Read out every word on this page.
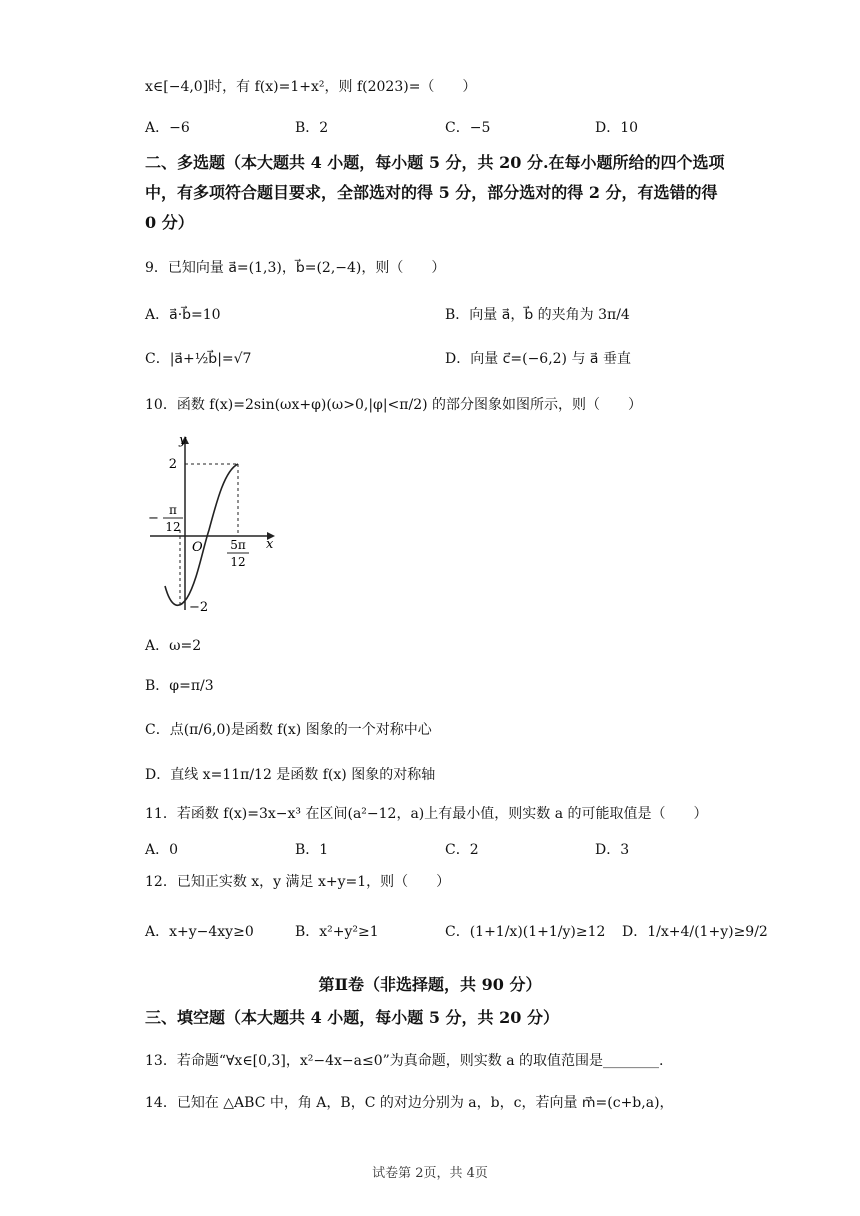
x∈[−4,0]时，有 f(x)=1+x²，则 f(2023)=（　　）
A．−6	B．2	C．−5	D．10
二、多选题（本大题共 4 小题，每小题 5 分，共 20 分.在每小题所给的四个选项中，有多项符合题目要求，全部选对的得 5 分，部分选对的得 2 分，有选错的得 0 分）
9．已知向量 a⃗=(1,3)，b⃗=(2,−4)，则（　　）
A．a⃗·b⃗=10	B．向量 a⃗，b⃗ 的夹角为 3π/4
C．|a⃗+½b⃗|=√7	D．向量 c⃗=(−6,2) 与 a⃗ 垂直
10．函数 f(x)=2sin(ωx+φ)(ω>0,|φ|<π/2) 的部分图象如图所示，则（　　）
y
x
O
2
−2
−
π
12
5π
12
A．ω=2
B．φ=π/3
C．点(π/6,0)是函数 f(x) 图象的一个对称中心
D．直线 x=11π/12 是函数 f(x) 图象的对称轴
11．若函数 f(x)=3x−x³ 在区间(a²−12，a)上有最小值，则实数 a 的可能取值是（　　）
A．0	B．1	C．2	D．3
12．已知正实数 x，y 满足 x+y=1，则（　　）
A．x+y−4xy≥0	B．x²+y²≥1	C．(1+1/x)(1+1/y)≥12 D．1/x+4/(1+y)≥9/2
第Ⅱ卷（非选择题，共 90 分）
三、填空题（本大题共 4 小题，每小题 5 分，共 20 分）
13．若命题“∀x∈[0,3]，x²−4x−a≤0”为真命题，则实数 a 的取值范围是________.
14．已知在 △ABC 中，角 A，B，C 的对边分别为 a，b，c，若向量 m⃗=(c+b,a)，
试卷第 2页，共 4页
